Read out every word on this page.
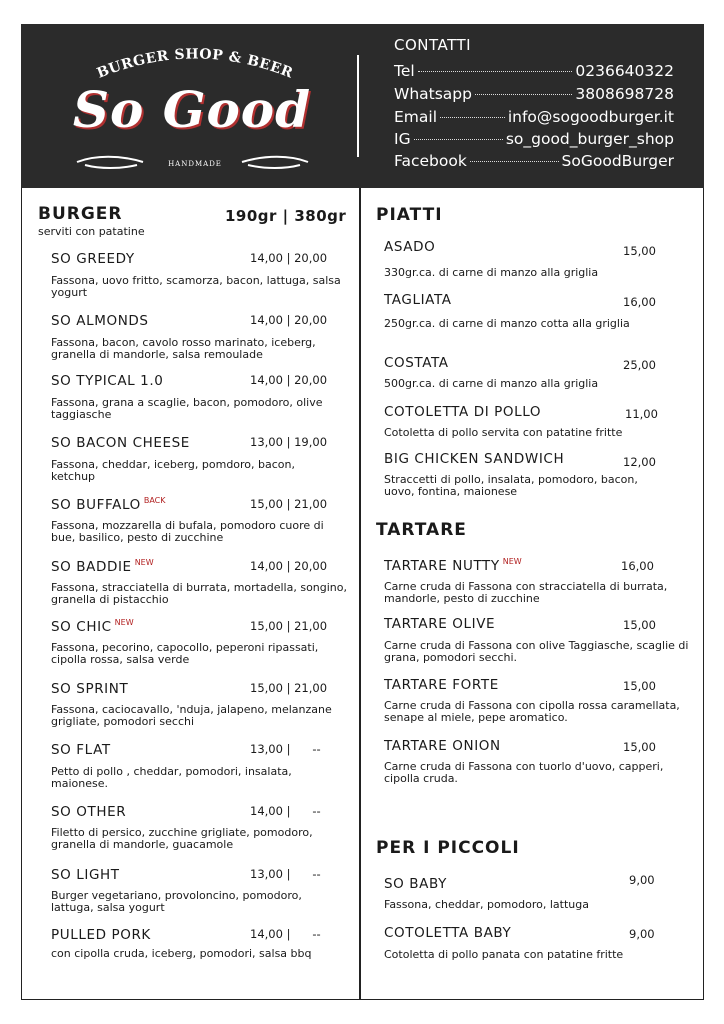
BURGER SHOP & BEER
So Good
HANDMADE
CONTATTI
Tel	0236640322
Whatsapp	3808698728
Email	info@sogoodburger.it
IG	so_good_burger_shop
Facebook	SoGoodBurger
BURGER
serviti con patatine
190gr | 380gr
SO GREEDY	14,00 | 20,00
Fassona, uovo fritto, scamorza, bacon, lattuga, salsa yogurt
SO ALMONDS	14,00 | 20,00
Fassona, bacon, cavolo rosso marinato, iceberg, granella di mandorle, salsa remoulade
SO TYPICAL 1.0	14,00 | 20,00
Fassona, grana a scaglie, bacon, pomodoro, olive taggiasche
SO BACON CHEESE	13,00 | 19,00
Fassona, cheddar, iceberg, pomdoro, bacon, ketchup
SO BUFFALO $^{BACK}$	15,00 | 21,00
Fassona, mozzarella di bufala, pomodoro cuore di bue, basilico, pesto di zucchine
SO BADDIE $^{NEW}$	14,00 | 20,00
Fassona, stracciatella di burrata, mortadella, songino, granella di pistacchio
SO CHIC $^{NEW}$	15,00 | 21,00
Fassona, pecorino, capocollo, peperoni ripassati, cipolla rossa, salsa verde
SO SPRINT	15,00 | 21,00
Fassona, caciocavallo, 'nduja, jalapeno, melanzane grigliate, pomodori secchi
SO FLAT	13,00 |      --
Petto di pollo , cheddar, pomodori, insalata, maionese.
SO OTHER	14,00 |      --
Filetto di persico, zucchine grigliate, pomodoro, granella di mandorle, guacamole
SO LIGHT	13,00 |      --
Burger vegetariano, provoloncino, pomodoro, lattuga, salsa yogurt
PULLED PORK	14,00 |      --
con cipolla cruda, iceberg, pomodori, salsa bbq
PIATTI
ASADO	15,00
330gr.ca. di carne di manzo alla griglia
TAGLIATA	16,00
250gr.ca. di carne di manzo cotta alla griglia
COSTATA	25,00
500gr.ca. di carne di manzo alla griglia
COTOLETTA DI POLLO	11,00
Cotoletta di pollo servita con patatine fritte
BIG CHICKEN SANDWICH	12,00
Straccetti di pollo, insalata, pomodoro, bacon, uovo, fontina, maionese
TARTARE
TARTARE NUTTY $^{NEW}$	16,00
Carne cruda di Fassona con stracciatella di burrata, mandorle, pesto di zucchine
TARTARE OLIVE	15,00
Carne cruda di Fassona con olive Taggiasche, scaglie di grana, pomodori secchi.
TARTARE FORTE	15,00
Carne cruda di Fassona con cipolla rossa caramellata, senape al miele, pepe aromatico.
TARTARE ONION	15,00
Carne cruda di Fassona con tuorlo d'uovo, capperi, cipolla cruda.
PER I PICCOLI
SO BABY	9,00
Fassona, cheddar, pomodoro, lattuga
COTOLETTA BABY	9,00
Cotoletta di pollo panata con patatine fritte
